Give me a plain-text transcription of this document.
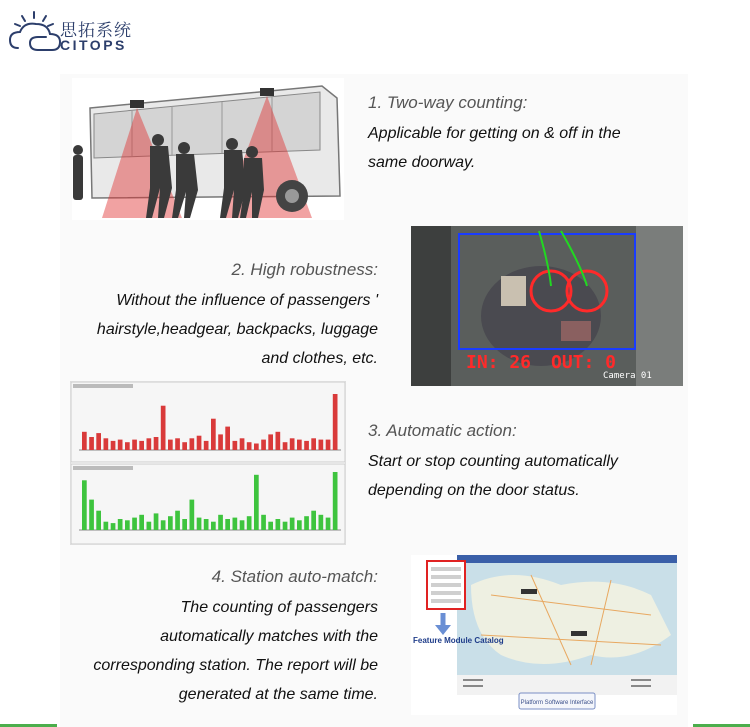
思拓系统
CITOPS
1. Two-way counting:
Applicable for getting on & off in the
same doorway.
2. High robustness:
Without the influence of passengers '
hairstyle,headgear, backpacks, luggage
and clothes, etc.	IN: 26 OUT: 0
Camera 01
3. Automatic action:
Start or stop counting automatically
depending on the door status.
4. Station auto-match:
The counting of passengers
automatically matches with the
corresponding station. The report will be
generated at the same time.
Feature Module Catalog
Platform Software Interface
